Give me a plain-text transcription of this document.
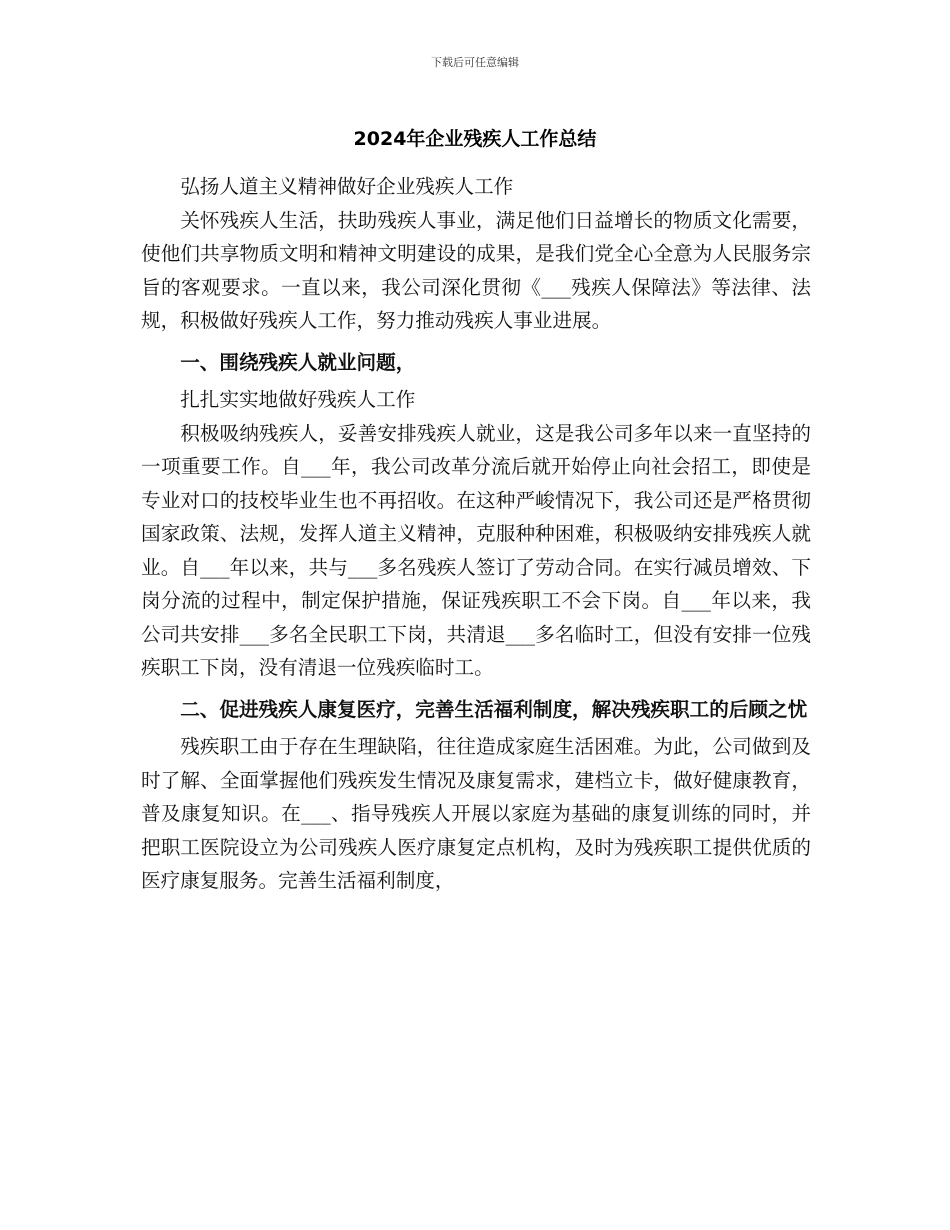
下载后可任意编辑
2024年企业残疾人工作总结

弘扬人道主义精神做好企业残疾人工作

关怀残疾人生活，扶助残疾人事业，满足他们日益增长的物质文化需要，使他们共享物质文明和精神文明建设的成果，是我们党全心全意为人民服务宗旨的客观要求。一直以来，我公司深化贯彻《___残疾人保障法》等法律、法规，积极做好残疾人工作，努力推动残疾人事业进展。

一、围绕残疾人就业问题，

扎扎实实地做好残疾人工作

积极吸纳残疾人，妥善安排残疾人就业，这是我公司多年以来一直坚持的一项重要工作。自___年，我公司改革分流后就开始停止向社会招工，即使是专业对口的技校毕业生也不再招收。在这种严峻情况下，我公司还是严格贯彻国家政策、法规，发挥人道主义精神，克服种种困难，积极吸纳安排残疾人就业。自___年以来，共与___多名残疾人签订了劳动合同。在实行减员增效、下岗分流的过程中，制定保护措施，保证残疾职工不会下岗。自___年以来，我公司共安排___多名全民职工下岗，共清退___多名临时工，但没有安排一位残疾职工下岗，没有清退一位残疾临时工。

二、促进残疾人康复医疗，完善生活福利制度，解决残疾职工的后顾之忧

残疾职工由于存在生理缺陷，往往造成家庭生活困难。为此，公司做到及时了解、全面掌握他们残疾发生情况及康复需求，建档立卡，做好健康教育，普及康复知识。在___、指导残疾人开展以家庭为基础的康复训练的同时，并把职工医院设立为公司残疾人医疗康复定点机构，及时为残疾职工提供优质的医疗康复服务。完善生活福利制度，
